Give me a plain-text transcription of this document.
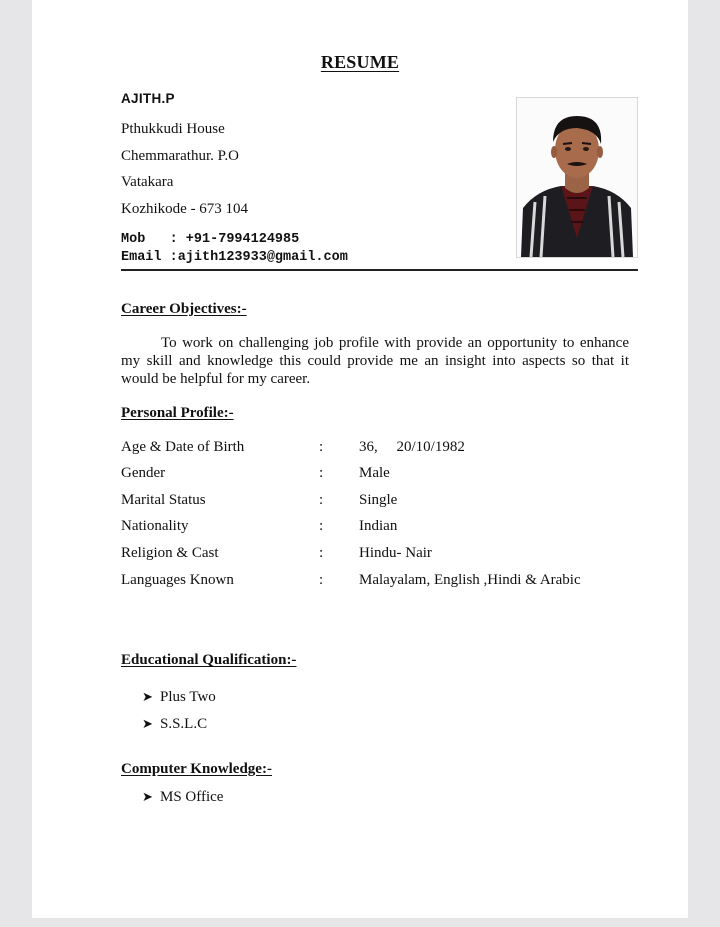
RESUME
AJITH.P
Pthukkudi House
Chemmarathur. P.O
Vatakara
Kozhikode - 673 104
Mob   : +91-7994124985
Email :ajith123933@gmail.com
Career Objectives:-
To work on challenging job profile with provide an opportunity to enhance my skill and knowledge this could provide me an insight into aspects so that it would be helpful for my career.
Personal Profile:-
Age & Date of Birth	: 36,     20/10/1982
Gender	: Male
Marital Status	: Single
Nationality	: Indian
Religion & Cast	: Hindu- Nair
Languages Known	: Malayalam, English ,Hindi & Arabic
Educational Qualification:-
➤ Plus Two
➤ S.S.L.C
Computer Knowledge:-
➤ MS Office
